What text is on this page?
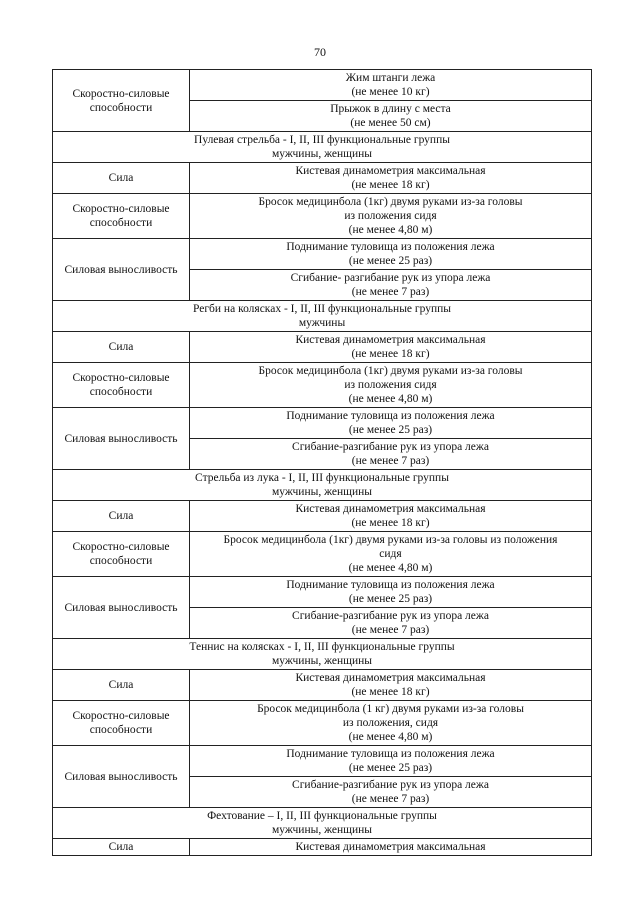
70
Скоростно-силовые
способности	Жим штанги лежа
(не менее 10 кг)
	Прыжок в длину с места
(не менее 50 см)
Пулевая стрельба - I, II, III функциональные группы
мужчины, женщины	
Сила	Кистевая динамометрия максимальная
(не менее 18 кг)
Скоростно-силовые
способности	Бросок медицинбола (1кг) двумя руками из-за головы
из положения сидя
(не менее 4,80 м)
Силовая выносливость	Поднимание туловища из положения лежа
(не менее 25 раз)
	Сгибание- разгибание рук из упора лежа
(не менее 7 раз)
Регби на колясках - I, II, III функциональные группы
мужчины	
Сила	Кистевая динамометрия максимальная
(не менее 18 кг)
Скоростно-силовые
способности	Бросок медицинбола (1кг) двумя руками из-за головы
из положения сидя
(не менее 4,80 м)
Силовая выносливость	Поднимание туловища из положения лежа
(не менее 25 раз)
	Сгибание-разгибание рук из упора лежа
(не менее 7 раз)
Стрельба из лука - I, II, III функциональные группы
мужчины, женщины	
Сила	Кистевая динамометрия максимальная
(не менее 18 кг)
Скоростно-силовые
способности	Бросок медицинбола (1кг) двумя руками из-за головы из положения
сидя
(не менее 4,80 м)
Силовая выносливость	Поднимание туловища из положения лежа
(не менее 25 раз)
	Сгибание-разгибание рук из упора лежа
(не менее 7 раз)
Теннис на колясках - I, II, III функциональные группы
мужчины, женщины	
Сила	Кистевая динамометрия максимальная
(не менее 18 кг)
Скоростно-силовые
способности	Бросок медицинбола (1 кг) двумя руками из-за головы
из положения, сидя
(не менее 4,80 м)
Силовая выносливость	Поднимание туловища из положения лежа
(не менее 25 раз)
	Сгибание-разгибание рук из упора лежа
(не менее 7 раз)
Фехтование – I, II, III функциональные группы
мужчины, женщины	
Сила	Кистевая динамометрия максимальная
